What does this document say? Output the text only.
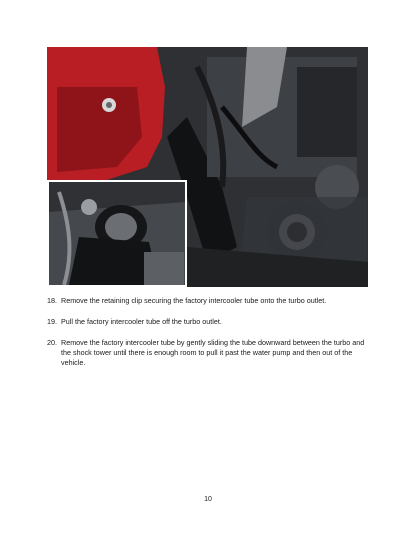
18. Remove the retaining clip securing the factory intercooler tube onto the turbo outlet.
19. Pull the factory intercooler tube off the turbo outlet.
20. Remove the factory intercooler tube by gently sliding the tube downward between the turbo and the shock tower until there is enough room to pull it past the water pump and then out of the vehicle.
10
